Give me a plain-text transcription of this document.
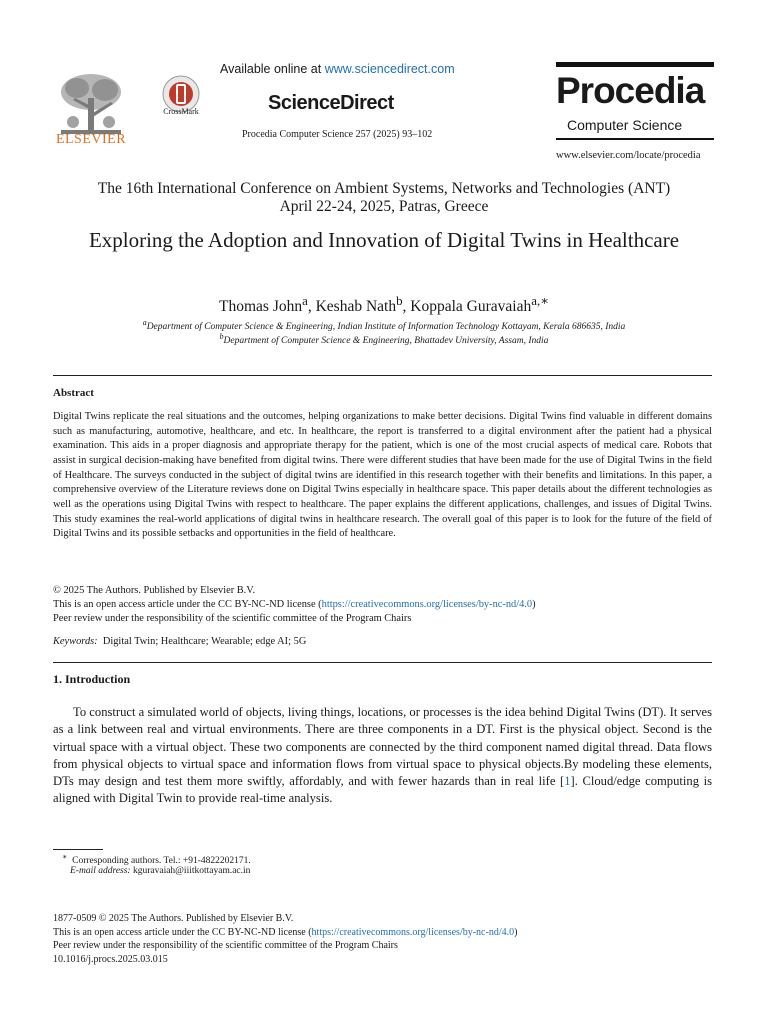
ELSEVIER
CrossMark
Available online at www.sciencedirect.com
ScienceDirect
Procedia Computer Science 257 (2025) 93–102
Procedia
Computer Science
www.elsevier.com/locate/procedia
The 16th International Conference on Ambient Systems, Networks and Technologies (ANT)
April 22-24, 2025, Patras, Greece
Exploring the Adoption and Innovation of Digital Twins in Healthcare
Thomas John$^a$, Keshab Nath$^b$, Koppala Guravaiah$^{a,∗}$
$^a$Department of Computer Science & Engineering, Indian Institute of Information Technology Kottayam, Kerala 686635, India
$^b$Department of Computer Science & Engineering, Bhattadev University, Assam, India
Abstract
Digital Twins replicate the real situations and the outcomes, helping organizations to make better decisions. Digital Twins find valuable in different domains such as manufacturing, automotive, healthcare, and etc. In healthcare, the report is transferred to a digital environment after the patient had a physical examination. This aids in a proper diagnosis and appropriate therapy for the patient, which is one of the most crucial aspects of medical care. Robots that assist in surgical decision-making have benefited from digital twins. There were different studies that have been made for the use of Digital Twins in the field of Healthcare. The surveys conducted in the subject of digital twins are identified in this research together with their benefits and limitations. In this paper, a comprehensive overview of the Literature reviews done on Digital Twins especially in healthcare space. This paper details about the different technologies as well as the operations using Digital Twins with respect to healthcare. The paper explains the different applications, challenges, and issues of Digital Twins. This study examines the real-world applications of digital twins in healthcare research. The overall goal of this paper is to look for the future of the field of Digital Twins and its possible setbacks and opportunities in the field of healthcare.
© 2025 The Authors. Published by Elsevier B.V.
This is an open access article under the CC BY-NC-ND license (https://creativecommons.org/licenses/by-nc-nd/4.0)
Peer review under the responsibility of the scientific committee of the Program Chairs
Keywords: Digital Twin; Healthcare; Wearable; edge AI; 5G
1. Introduction
To construct a simulated world of objects, living things, locations, or processes is the idea behind Digital Twins (DT). It serves as a link between real and virtual environments. There are three components in a DT. First is the physical object. Second is the virtual space with a virtual object. These two components are connected by the third component named digital thread. Data flows from physical objects to virtual space and information flows from virtual space to physical objects.By modeling these elements, DTs may design and test them more swiftly, affordably, and with fewer hazards than in real life [1]. Cloud/edge computing is aligned with Digital Twin to provide real-time analysis.
∗ Corresponding authors. Tel.: +91-4822202171.
E-mail address: kguravaiah@iiitkottayam.ac.in
1877-0509 © 2025 The Authors. Published by Elsevier B.V.
This is an open access article under the CC BY-NC-ND license (https://creativecommons.org/licenses/by-nc-nd/4.0)
Peer review under the responsibility of the scientific committee of the Program Chairs
10.1016/j.procs.2025.03.015
